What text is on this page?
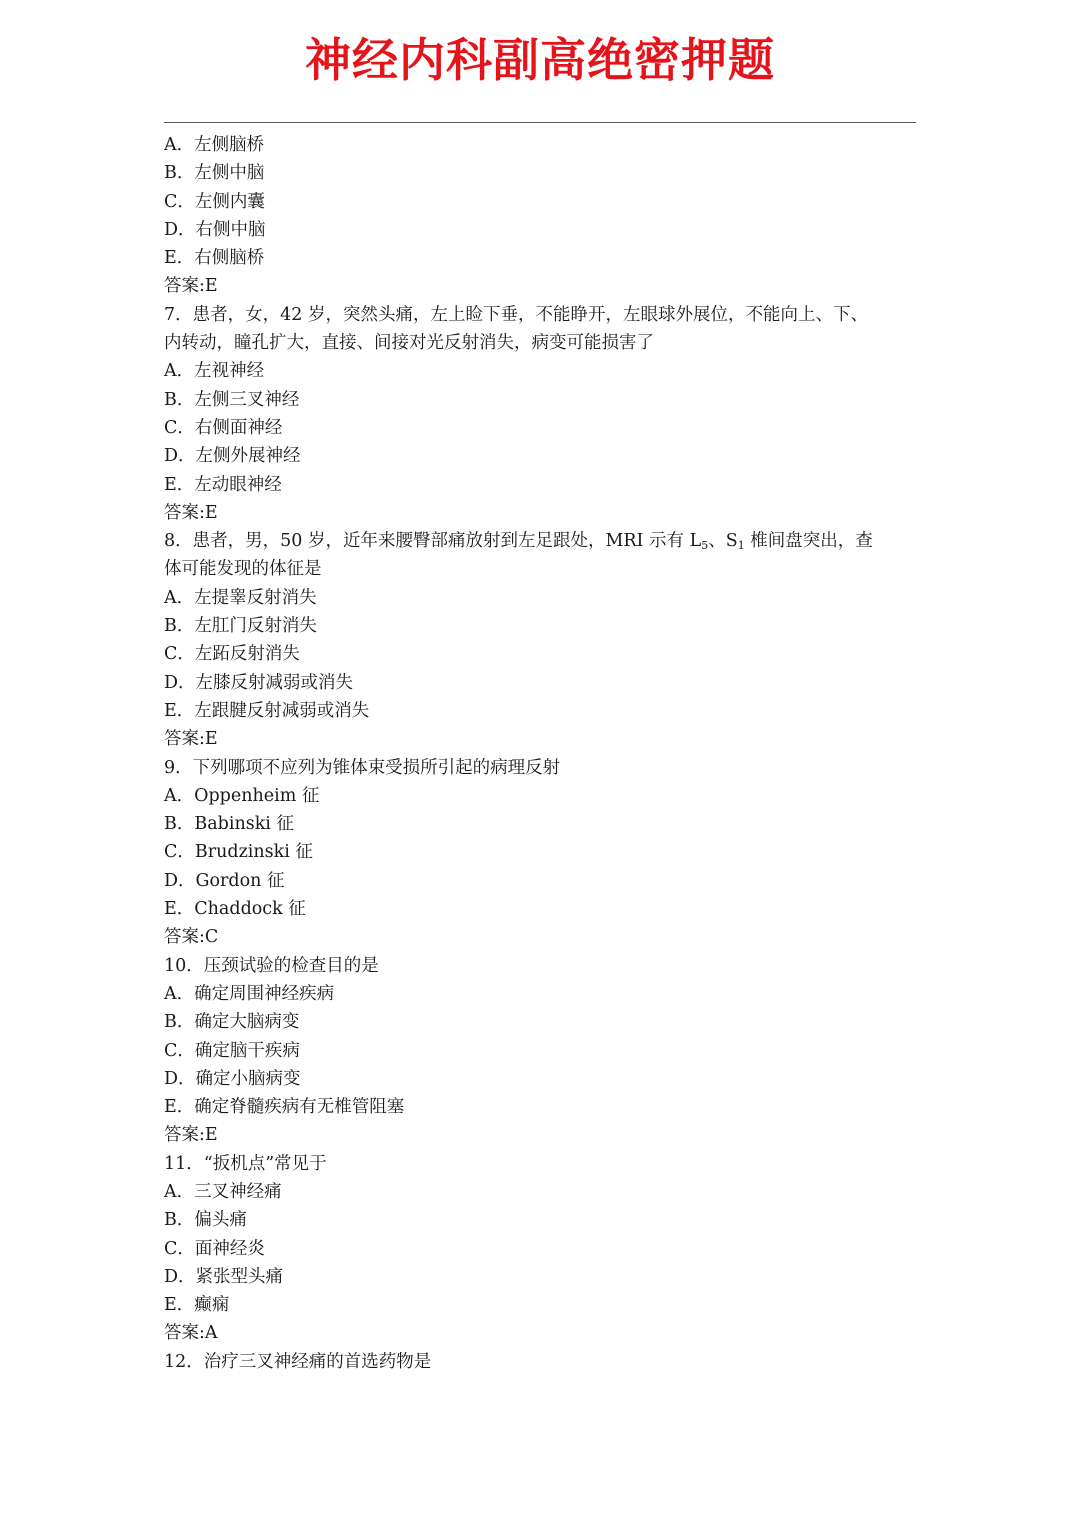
神经内科副高绝密押题
A．左侧脑桥
B．左侧中脑
C．左侧内囊
D．右侧中脑
E．右侧脑桥
答案:E
7．患者，女，42 岁，突然头痛，左上睑下垂，不能睁开，左眼球外展位，不能向上、下、
内转动，瞳孔扩大，直接、间接对光反射消失，病变可能损害了
A．左视神经
B．左侧三叉神经
C．右侧面神经
D．左侧外展神经
E．左动眼神经
答案:E
8．患者，男，50 岁，近年来腰臀部痛放射到左足跟处，MRI 示有 $L_5$、$S_1$ 椎间盘突出，查
体可能发现的体征是
A．左提睾反射消失
B．左肛门反射消失
C．左跖反射消失
D．左膝反射减弱或消失
E．左跟腱反射减弱或消失
答案:E
9．下列哪项不应列为锥体束受损所引起的病理反射
A．Oppenheim 征
B．Babinski 征
C．Brudzinski 征
D．Gordon 征
E．Chaddock 征
答案:C
10．压颈试验的检查目的是
A．确定周围神经疾病
B．确定大脑病变
C．确定脑干疾病
D．确定小脑病变
E．确定脊髓疾病有无椎管阻塞
答案:E
11．“扳机点”常见于
A．三叉神经痛
B．偏头痛
C．面神经炎
D．紧张型头痛
E．癫痫
答案:A
12．治疗三叉神经痛的首选药物是
